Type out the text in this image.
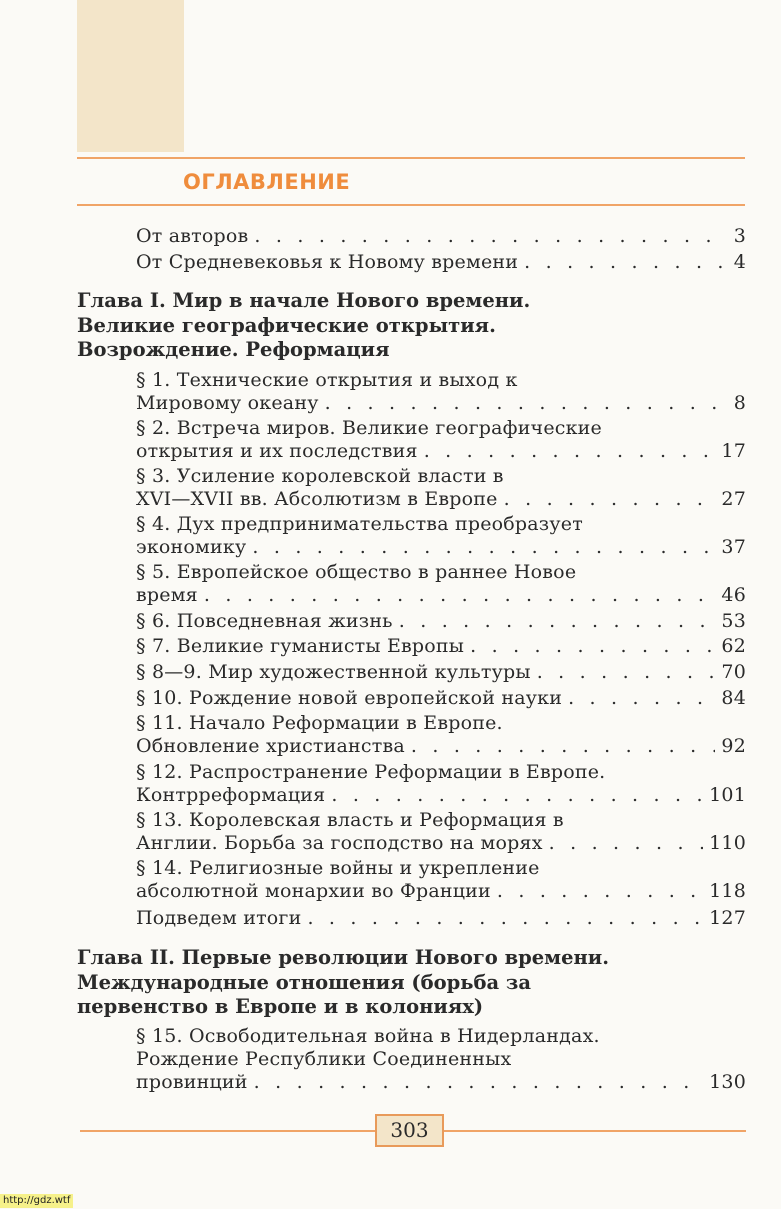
ОГЛАВЛЕНИЕ
От авторов . . .	3
От Средневековья к Новому времени . . .	4
Глава I. Мир в начале Нового времени.
Великие географические открытия.
Возрождение. Реформация
§ 1. Технические открытия и выход к
Мировому океану . . .	8
§ 2. Встреча миров. Великие географические
открытия и их последствия . . .	17
§ 3. Усиление королевской власти в
XVI—XVII вв. Абсолютизм в Европе . . .	27
§ 4. Дух предпринимательства преобразует
экономику . . .	37
§ 5. Европейское общество в раннее Новое
время . . .	46
§ 6. Повседневная жизнь . . .	53
§ 7. Великие гуманисты Европы . . .	62
§ 8—9. Мир художественной культуры . . .	70
§ 10. Рождение новой европейской науки . . .	84
§ 11. Начало Реформации в Европе.
Обновление христианства . . .	92
§ 12. Распространение Реформации в Европе.
Контрреформация . . .	101
§ 13. Королевская власть и Реформация в
Англии. Борьба за господство на морях . . .	110
§ 14. Религиозные войны и укрепление
абсолютной монархии во Франции . . .	118
Подведем итоги . . .	127
Глава II. Первые революции Нового времени.
Международные отношения (борьба за
первенство в Европе и в колониях)
§ 15. Освободительная война в Нидерландах.
Рождение Республики Соединенных
провинций . . .	130
303
http://gdz.wtf
